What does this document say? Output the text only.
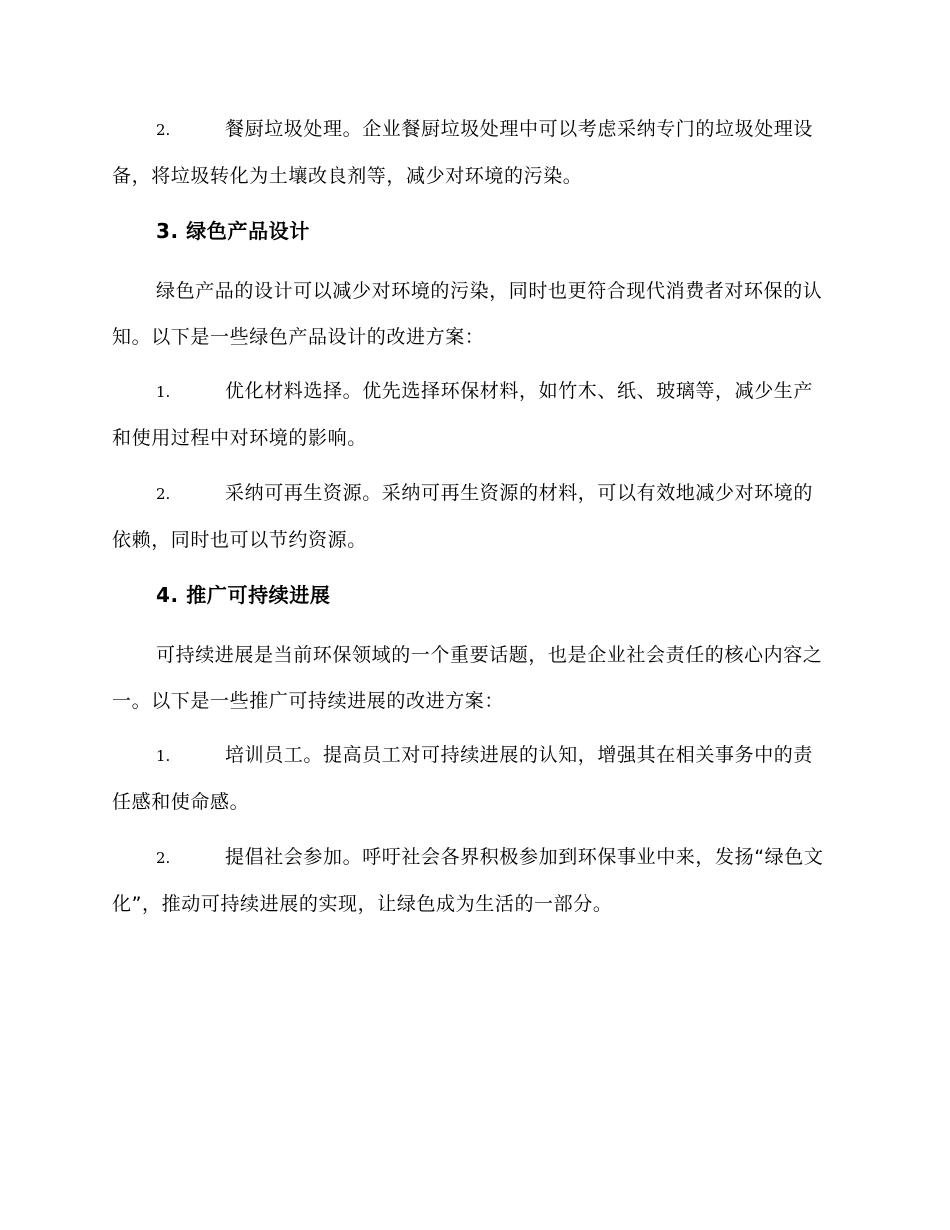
2.	餐厨垃圾处理。企业餐厨垃圾处理中可以考虑采纳专门的垃圾处理设备，将垃圾转化为土壤改良剂等，减少对环境的污染。

3. 绿色产品设计

绿色产品的设计可以减少对环境的污染，同时也更符合现代消费者对环保的认知。以下是一些绿色产品设计的改进方案：

1.	优化材料选择。优先选择环保材料，如竹木、纸、玻璃等，减少生产和使用过程中对环境的影响。

2.	采纳可再生资源。采纳可再生资源的材料，可以有效地减少对环境的依赖，同时也可以节约资源。

4. 推广可持续进展

可持续进展是当前环保领域的一个重要话题，也是企业社会责任的核心内容之一。以下是一些推广可持续进展的改进方案：

1.	培训员工。提高员工对可持续进展的认知，增强其在相关事务中的责任感和使命感。

2.	提倡社会参加。呼吁社会各界积极参加到环保事业中来，发扬“绿色文化”，推动可持续进展的实现，让绿色成为生活的一部分。
